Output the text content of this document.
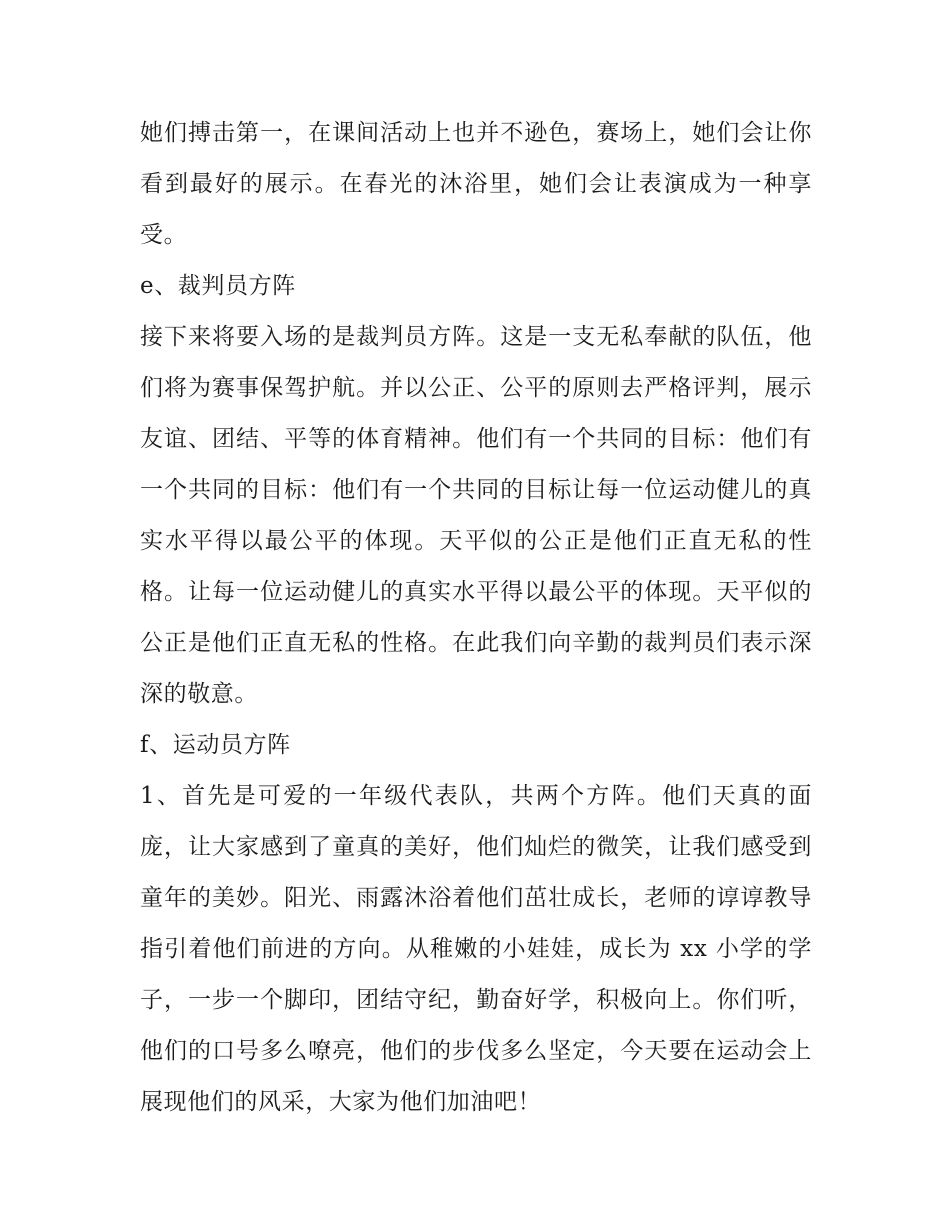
她们搏击第一，在课间活动上也并不逊色，赛场上，她们会让你看到最好的展示。在春光的沐浴里，她们会让表演成为一种享受。

e、裁判员方阵

接下来将要入场的是裁判员方阵。这是一支无私奉献的队伍，他们将为赛事保驾护航。并以公正、公平的原则去严格评判，展示友谊、团结、平等的体育精神。他们有一个共同的目标：他们有一个共同的目标：他们有一个共同的目标让每一位运动健儿的真实水平得以最公平的体现。天平似的公正是他们正直无私的性格。让每一位运动健儿的真实水平得以最公平的体现。天平似的公正是他们正直无私的性格。在此我们向辛勤的裁判员们表示深深的敬意。

f、运动员方阵

1、首先是可爱的一年级代表队，共两个方阵。他们天真的面庞，让大家感到了童真的美好，他们灿烂的微笑，让我们感受到童年的美妙。阳光、雨露沐浴着他们茁壮成长，老师的谆谆教导指引着他们前进的方向。从稚嫩的小娃娃，成长为 xx 小学的学子，一步一个脚印，团结守纪，勤奋好学，积极向上。你们听，他们的口号多么嘹亮，他们的步伐多么坚定，今天要在运动会上展现他们的风采，大家为他们加油吧！
